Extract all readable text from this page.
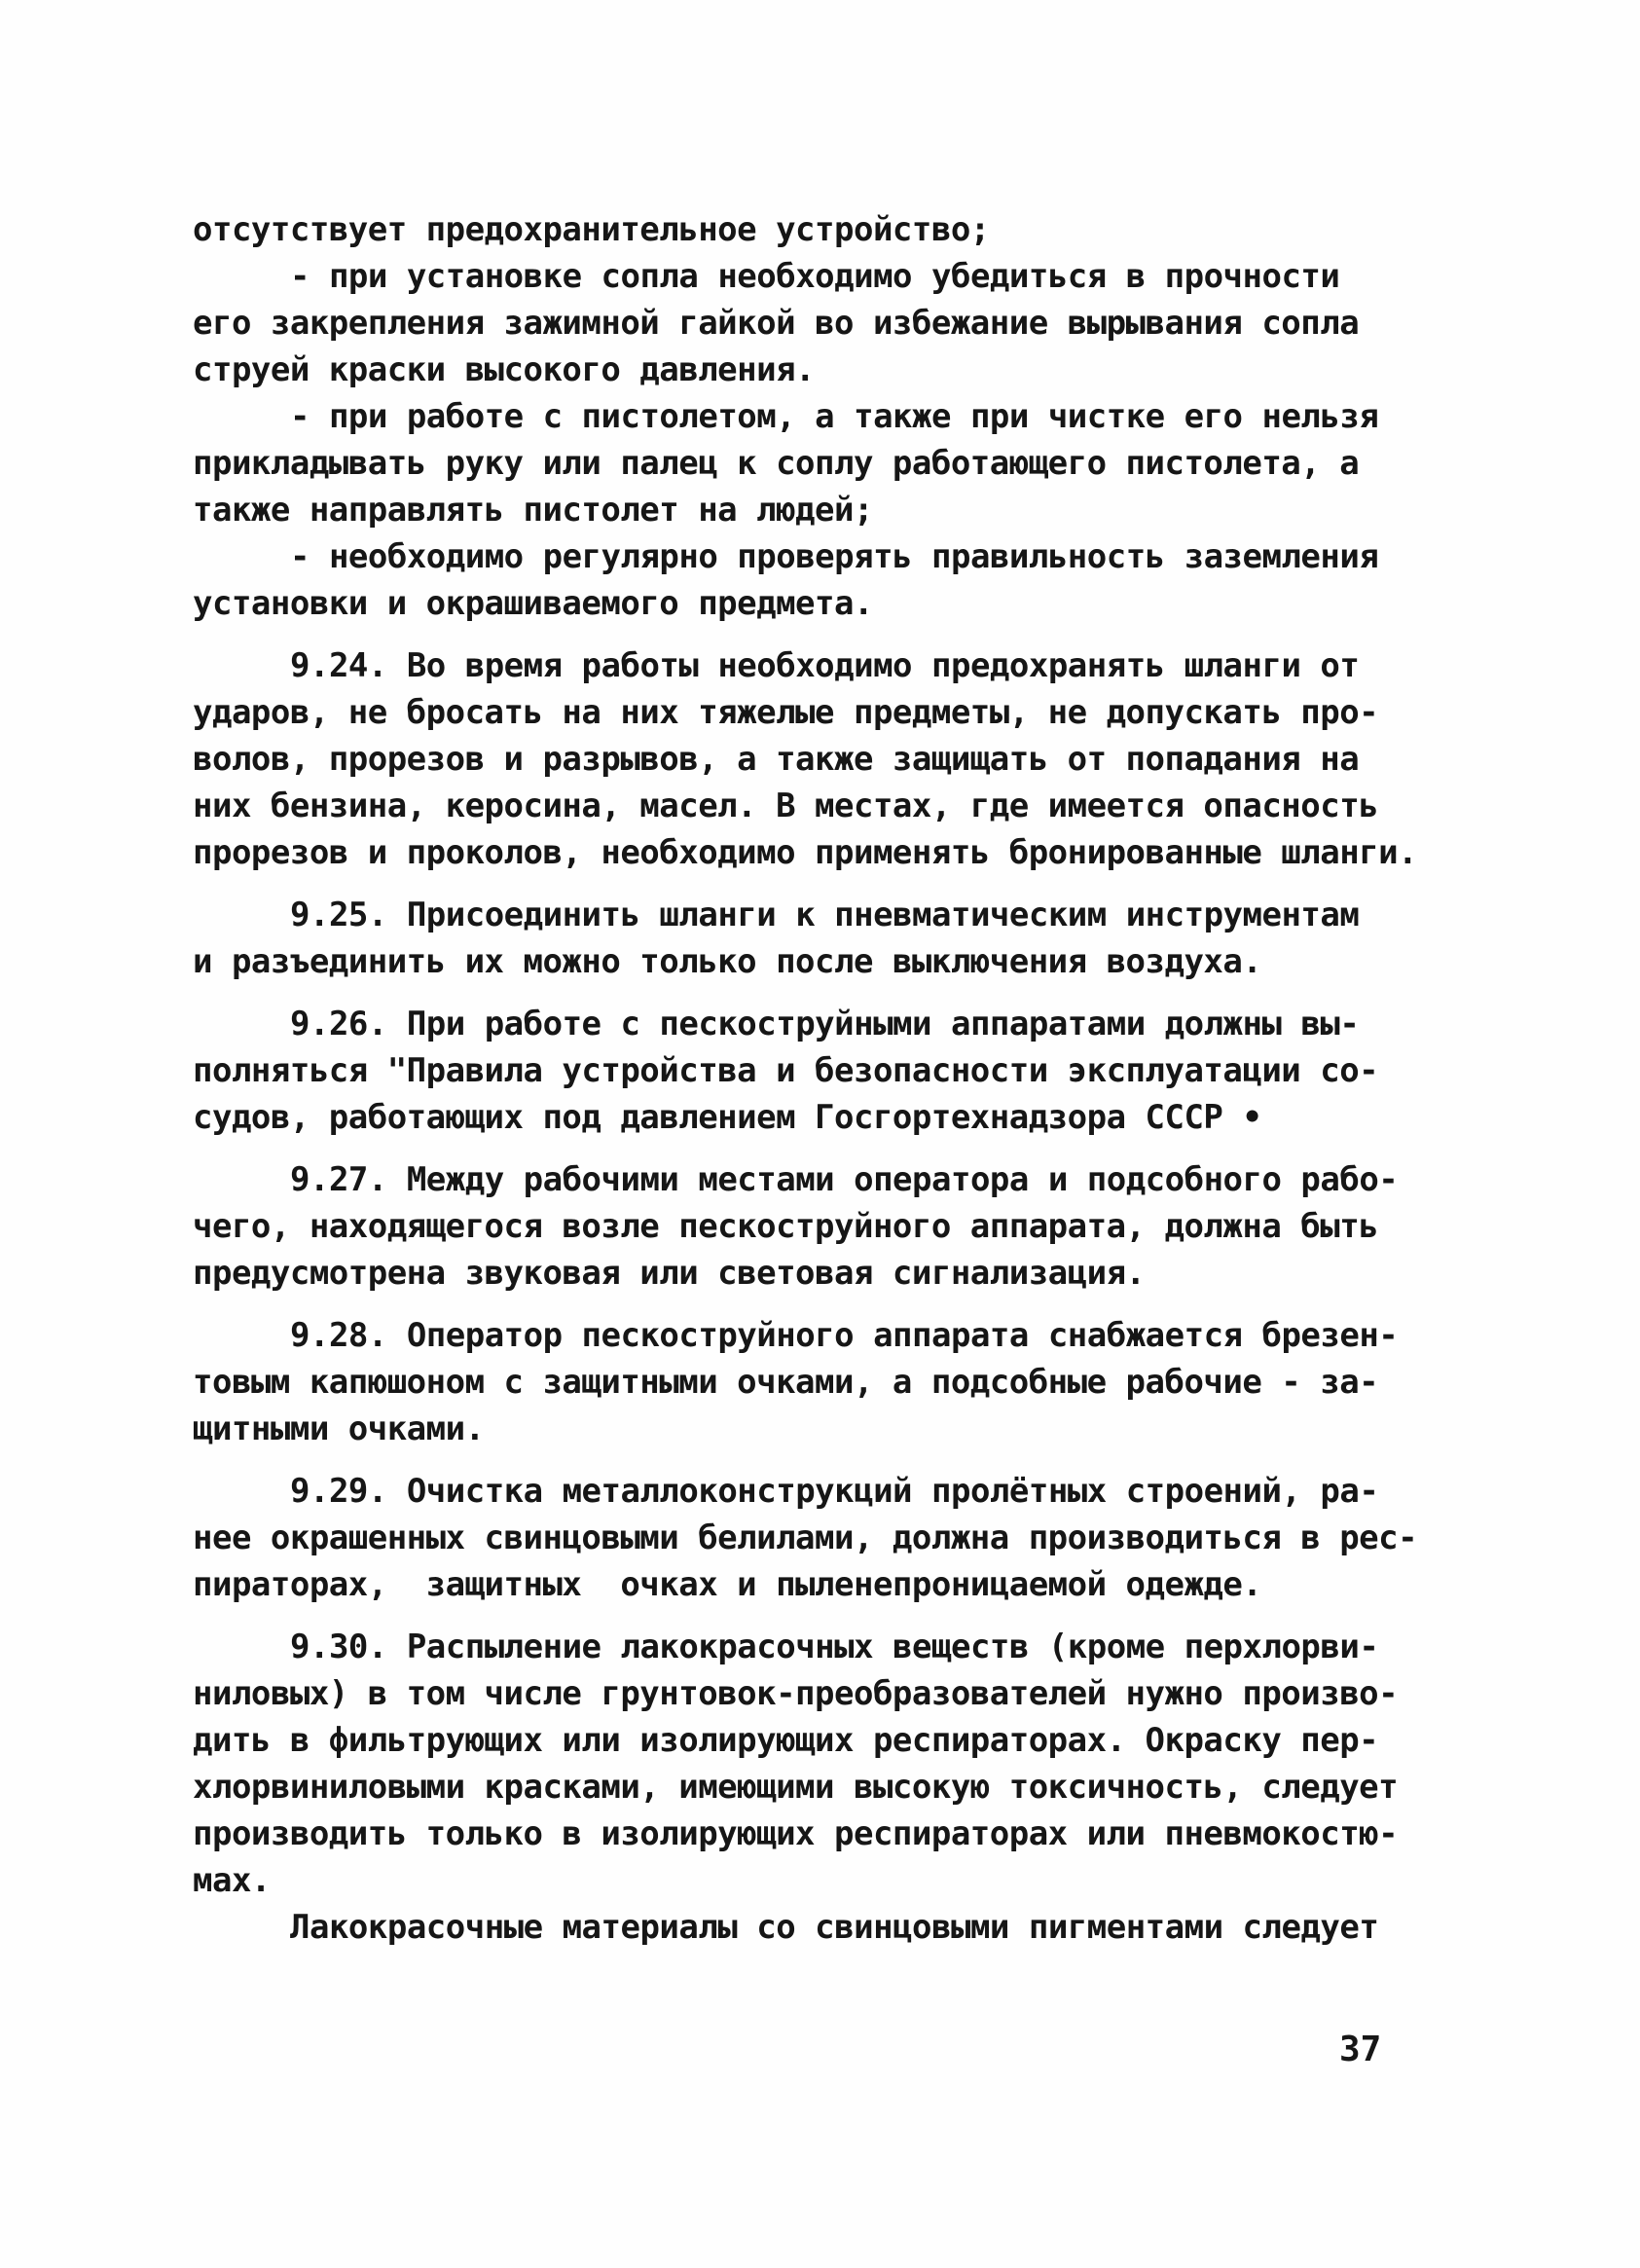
отсутствует предохранительное устройство;
- при установке сопла необходимо убедиться в прочности
его закрепления зажимной гайкой во избежание вырывания сопла
струей краски высокого давления.
- при работе с пистолетом, а также при чистке его нельзя
прикладывать руку или палец к соплу работающего пистолета, а
также направлять пистолет на людей;
- необходимо регулярно проверять правильность заземления
установки и окрашиваемого предмета.
9.24. Во время работы необходимо предохранять шланги от
ударов, не бросать на них тяжелые предметы, не допускать про-
волов, прорезов и разрывов, а также защищать от попадания на
них бензина, керосина, масел. В местах, где имеется опасность
прорезов и проколов, необходимо применять бронированные шланги.
9.25. Присоединить шланги к пневматическим инструментам
и разъединить их можно только после выключения воздуха.
9.26. При работе с пескоструйными аппаратами должны вы-
полняться "Правила устройства и безопасности эксплуатации со-
судов, работающих под давлением Госгортехнадзора СССР •
9.27. Между рабочими местами оператора и подсобного рабо-
чего, находящегося возле пескоструйного аппарата, должна быть
предусмотрена звуковая или световая сигнализация.
9.28. Оператор пескоструйного аппарата снабжается брезен-
товым капюшоном с защитными очками, а подсобные рабочие - за-
щитными очками.
9.29. Очистка металлоконструкций пролётных строений, ра-
нее окрашенных свинцовыми белилами, должна производиться в рес-
пираторах,  защитных  очках и пыленепроницаемой одежде.
9.30. Распыление лакокрасочных веществ (кроме перхлорви-
ниловых) в том числе грунтовок-преобразователей нужно произво-
дить в фильтрующих или изолирующих респираторах. Окраску пер-
хлорвиниловыми красками, имеющими высокую токсичность, следует
производить только в изолирующих респираторах или пневмокостю-
мах.
Лакокрасочные материалы со свинцовыми пигментами следует
37
